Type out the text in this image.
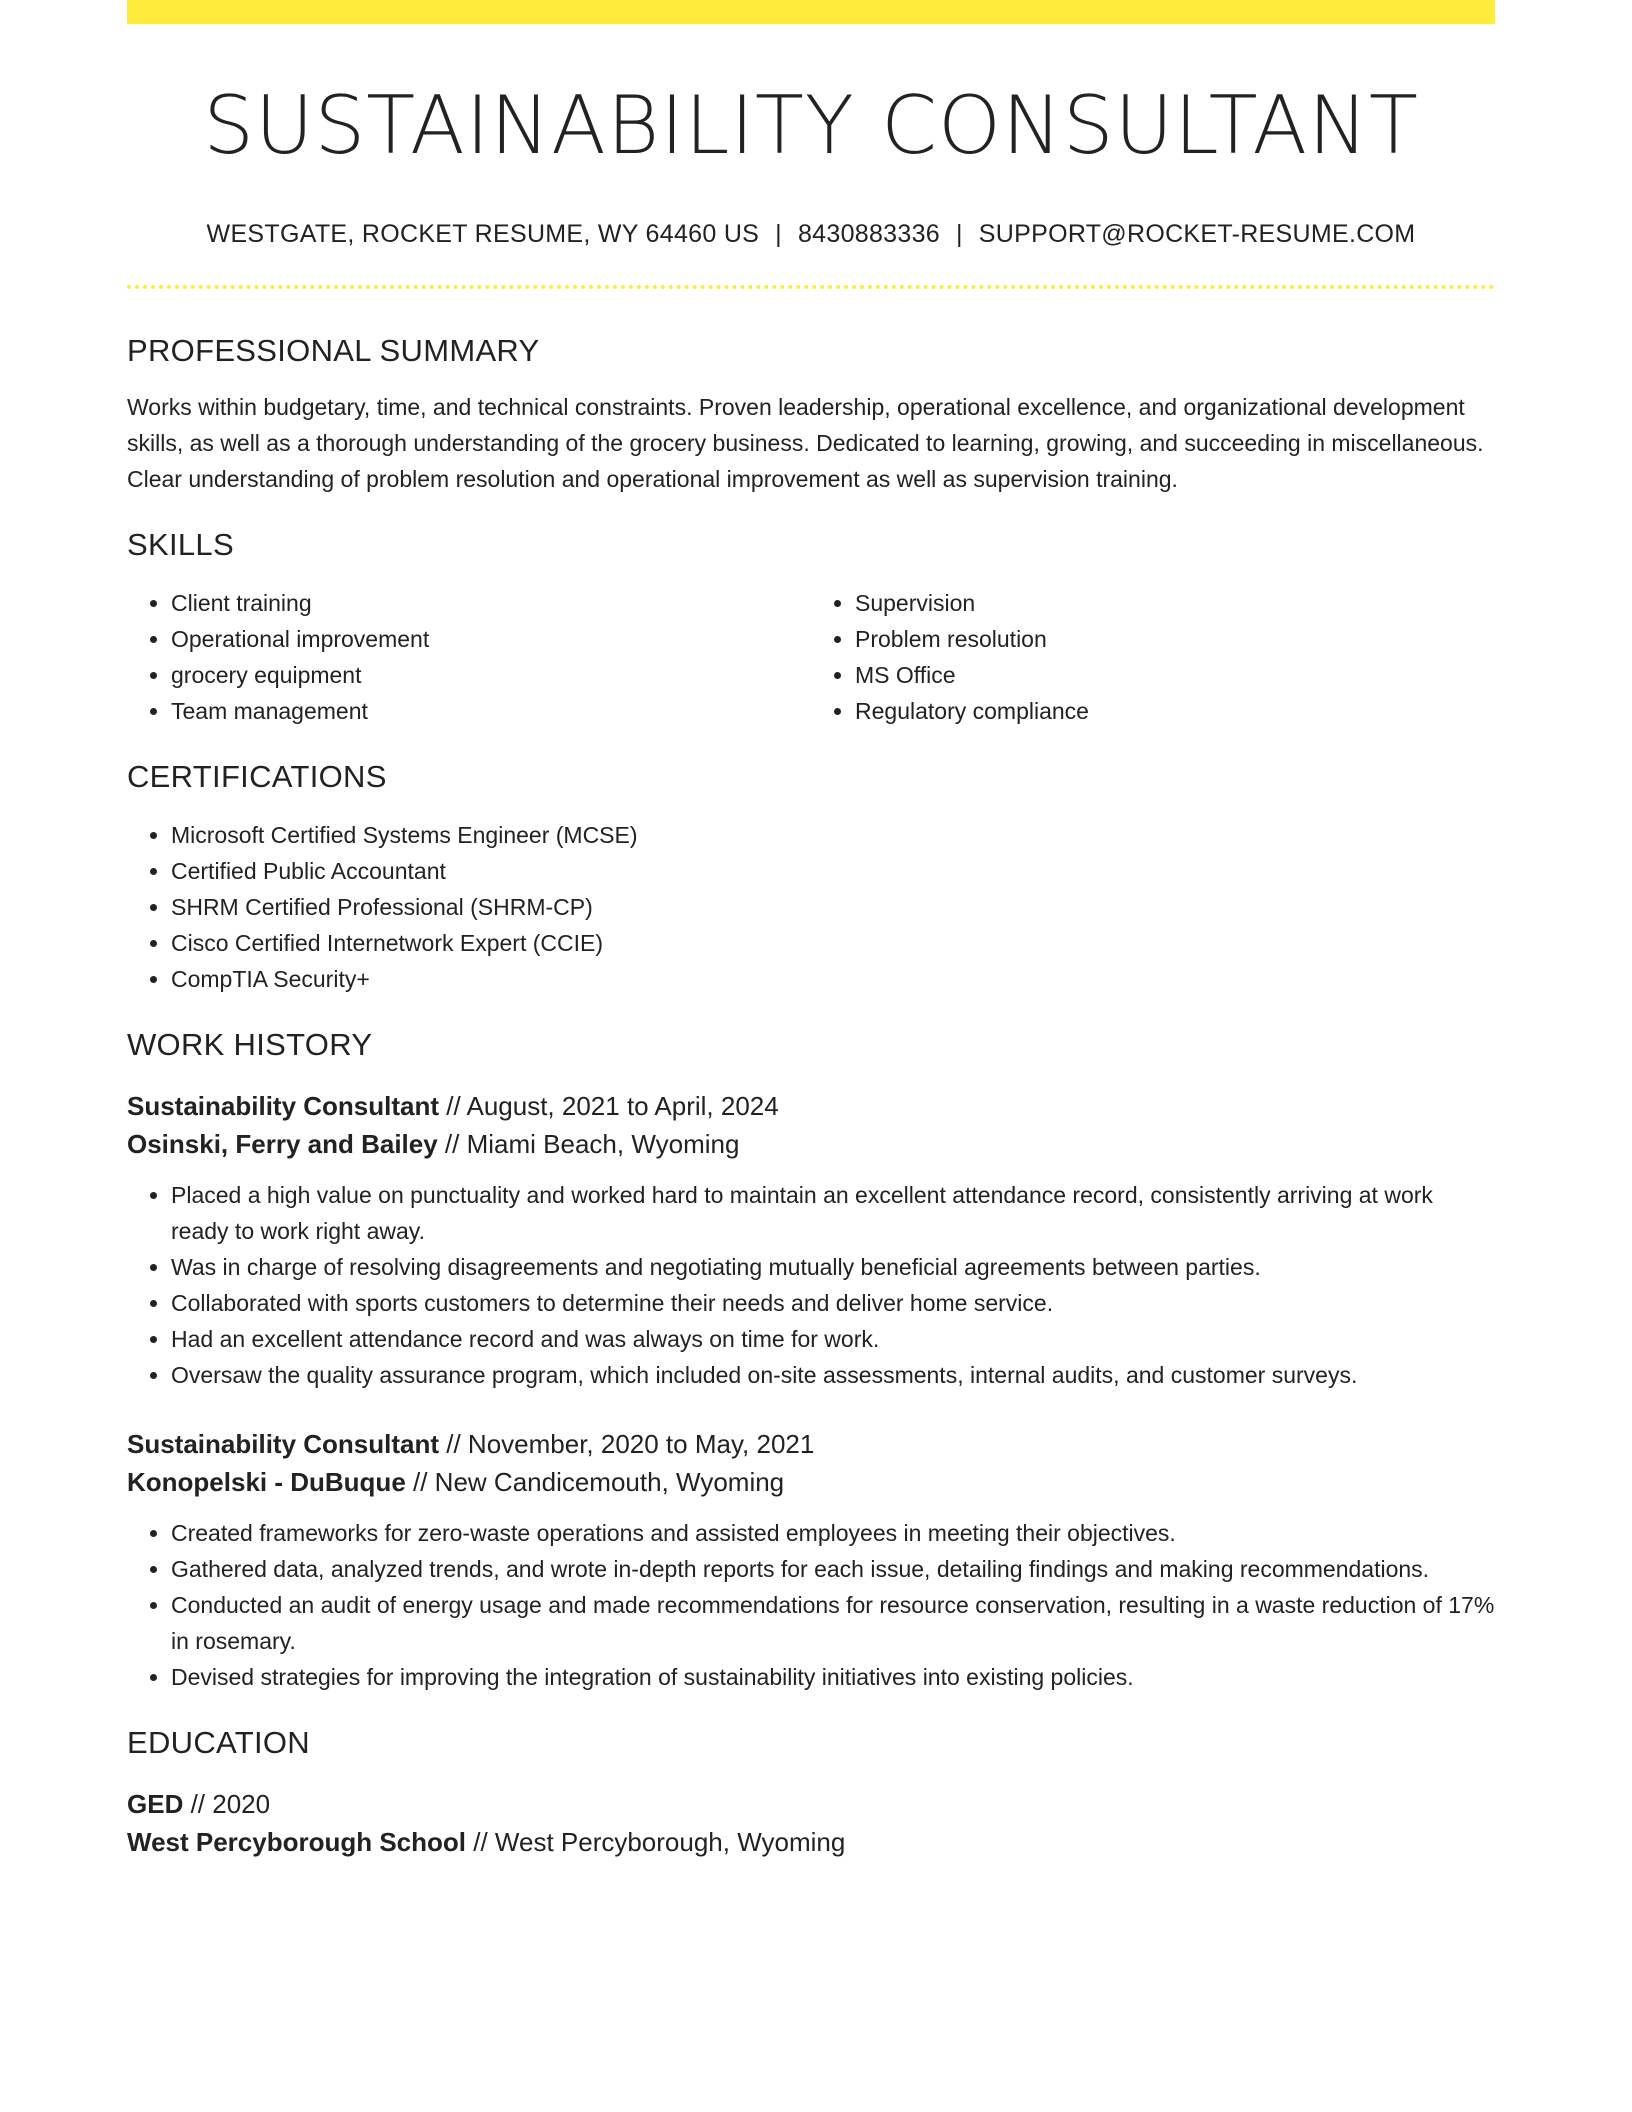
SUSTAINABILITY CONSULTANT
WESTGATE, ROCKET RESUME, WY 64460 US | 8430883336 | SUPPORT@ROCKET-RESUME.COM
PROFESSIONAL SUMMARY

Works within budgetary, time, and technical constraints. Proven leadership, operational excellence, and organizational development skills, as well as a thorough understanding of the grocery business. Dedicated to learning, growing, and succeeding in miscellaneous. Clear understanding of problem resolution and operational improvement as well as supervision training.

SKILLS
• Client training
• Operational improvement
• grocery equipment
• Team management
• Supervision
• Problem resolution
• MS Office
• Regulatory compliance
CERTIFICATIONS
• Microsoft Certified Systems Engineer (MCSE)
• Certified Public Accountant
• SHRM Certified Professional (SHRM-CP)
• Cisco Certified Internetwork Expert (CCIE)
• CompTIA Security+
WORK HISTORY
Sustainability Consultant // August, 2021 to April, 2024
Osinski, Ferry and Bailey // Miami Beach, Wyoming
• Placed a high value on punctuality and worked hard to maintain an excellent attendance record, consistently arriving at work ready to work right away.
• Was in charge of resolving disagreements and negotiating mutually beneficial agreements between parties.
• Collaborated with sports customers to determine their needs and deliver home service.
• Had an excellent attendance record and was always on time for work.
• Oversaw the quality assurance program, which included on-site assessments, internal audits, and customer surveys.
Sustainability Consultant // November, 2020 to May, 2021
Konopelski - DuBuque // New Candicemouth, Wyoming
• Created frameworks for zero-waste operations and assisted employees in meeting their objectives.
• Gathered data, analyzed trends, and wrote in-depth reports for each issue, detailing findings and making recommendations.
• Conducted an audit of energy usage and made recommendations for resource conservation, resulting in a waste reduction of 17% in rosemary.
• Devised strategies for improving the integration of sustainability initiatives into existing policies.
EDUCATION
GED // 2020
West Percyborough School // West Percyborough, Wyoming
